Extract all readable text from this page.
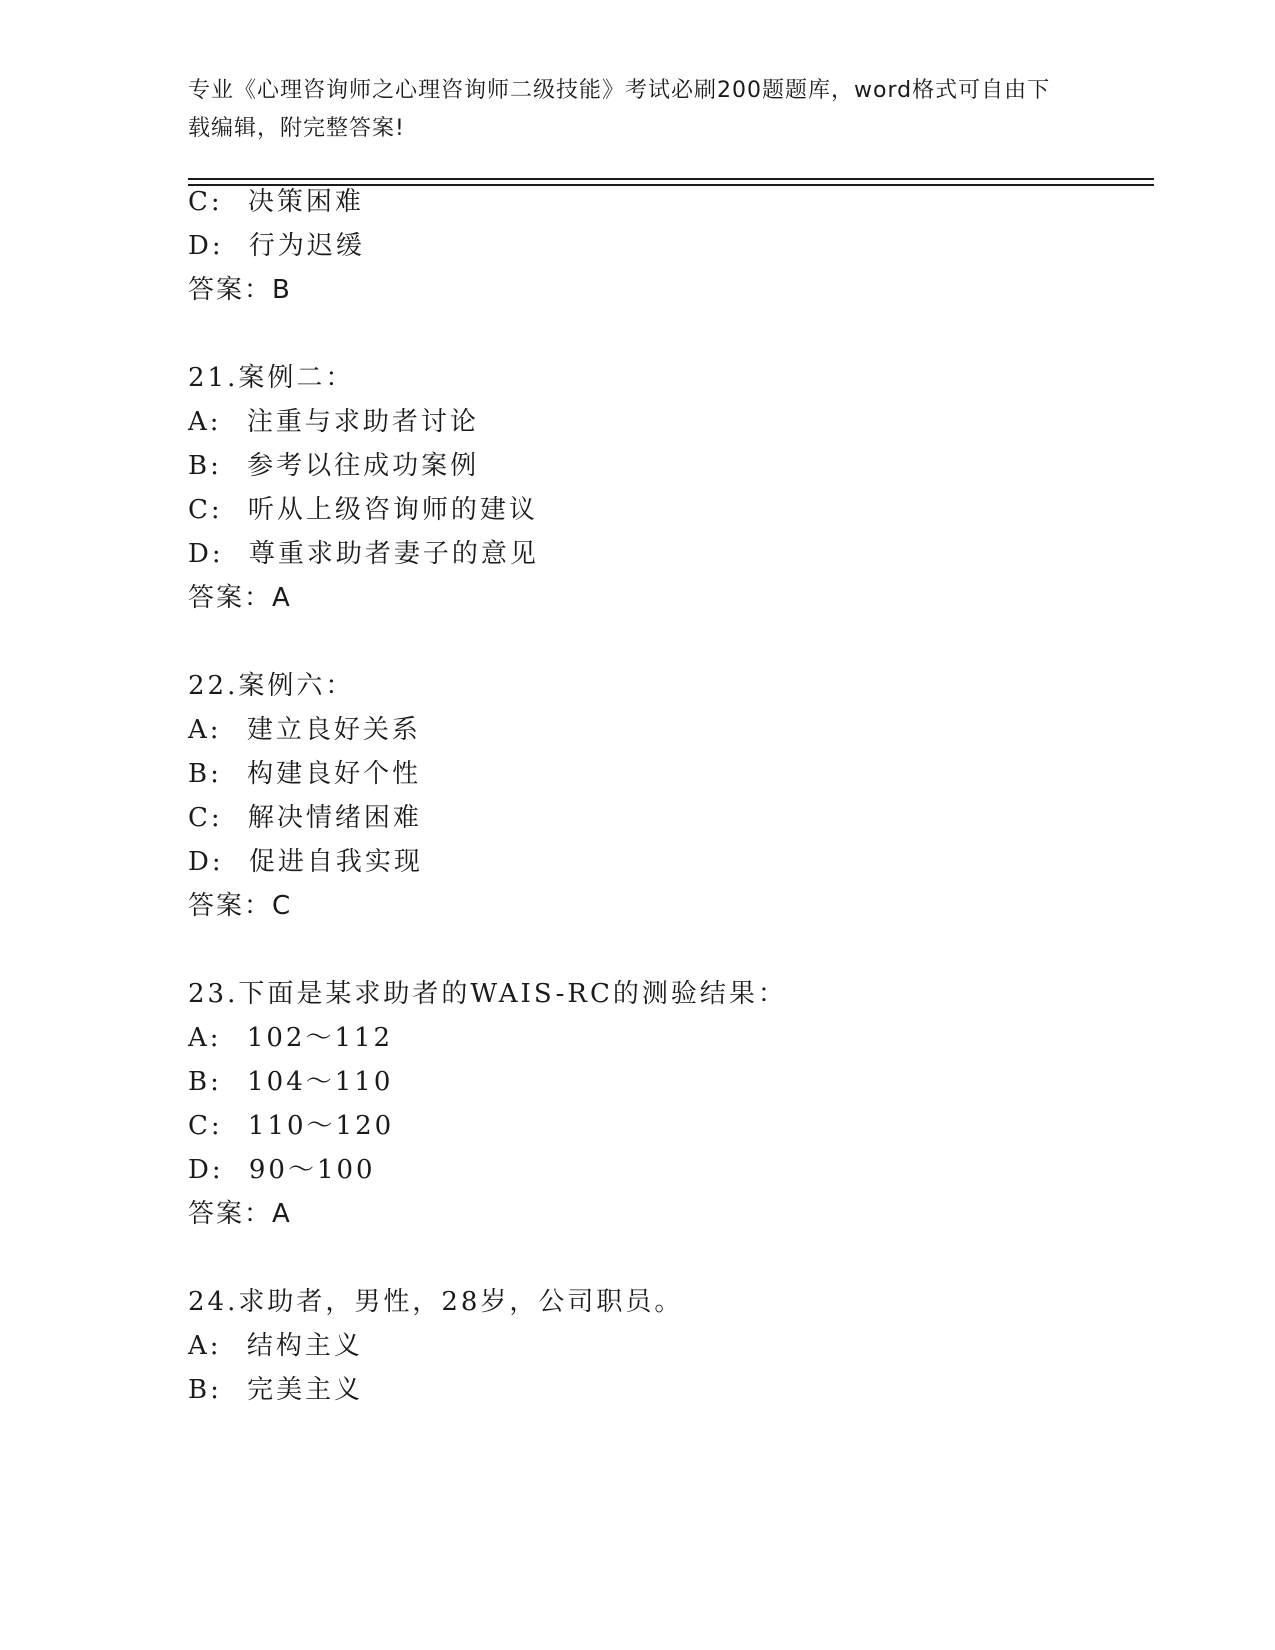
专业《心理咨询师之心理咨询师二级技能》考试必刷200题题库，word格式可自由下载编辑，附完整答案!
C: 决策困难
D: 行为迟缓
答案：B
21.案例二：
A: 注重与求助者讨论
B: 参考以往成功案例
C: 听从上级咨询师的建议
D: 尊重求助者妻子的意见
答案：A
22.案例六：
A: 建立良好关系
B: 构建良好个性
C: 解决情绪困难
D: 促进自我实现
答案：C
23.下面是某求助者的WAIS-RC的测验结果：
A: 102～112
B: 104～110
C: 110～120
D: 90～100
答案：A
24.求助者，男性，28岁，公司职员。
A: 结构主义
B: 完美主义
